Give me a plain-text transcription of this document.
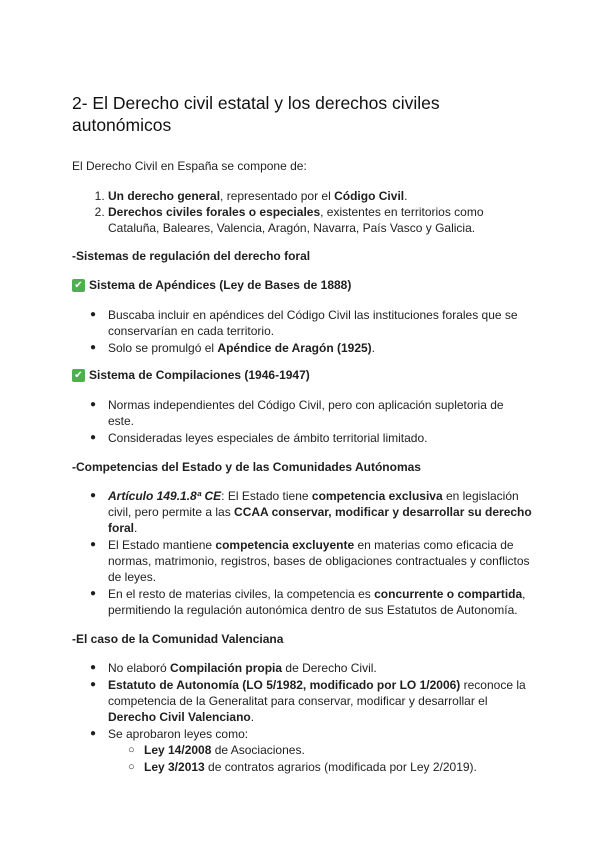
2- El Derecho civil estatal y los derechos civiles autonómicos

El Derecho Civil en España se compone de:

1. Un derecho general, representado por el Código Civil.
2. Derechos civiles forales o especiales, existentes en territorios como Cataluña, Baleares, Valencia, Aragón, Navarra, País Vasco y Galicia.
-Sistemas de regulación del derecho foral
✔ Sistema de Apéndices (Ley de Bases de 1888)
● Buscaba incluir en apéndices del Código Civil las instituciones forales que se conservarían en cada territorio.
● Solo se promulgó el Apéndice de Aragón (1925).
✔ Sistema de Compilaciones (1946-1947)
● Normas independientes del Código Civil, pero con aplicación supletoria de este.
● Consideradas leyes especiales de ámbito territorial limitado.
-Competencias del Estado y de las Comunidades Autónomas
● Artículo 149.1.8ª CE: El Estado tiene competencia exclusiva en legislación civil, pero permite a las CCAA conservar, modificar y desarrollar su derecho foral.
● El Estado mantiene competencia excluyente en materias como eficacia de normas, matrimonio, registros, bases de obligaciones contractuales y conflictos de leyes.
● En el resto de materias civiles, la competencia es concurrente o compartida, permitiendo la regulación autonómica dentro de sus Estatutos de Autonomía.
-El caso de la Comunidad Valenciana
● No elaboró Compilación propia de Derecho Civil.
● Estatuto de Autonomía (LO 5/1982, modificado por LO 1/2006) reconoce la competencia de la Generalitat para conservar, modificar y desarrollar el Derecho Civil Valenciano.
● Se aprobaron leyes como:
○ Ley 14/2008 de Asociaciones.
○ Ley 3/2013 de contratos agrarios (modificada por Ley 2/2019).
